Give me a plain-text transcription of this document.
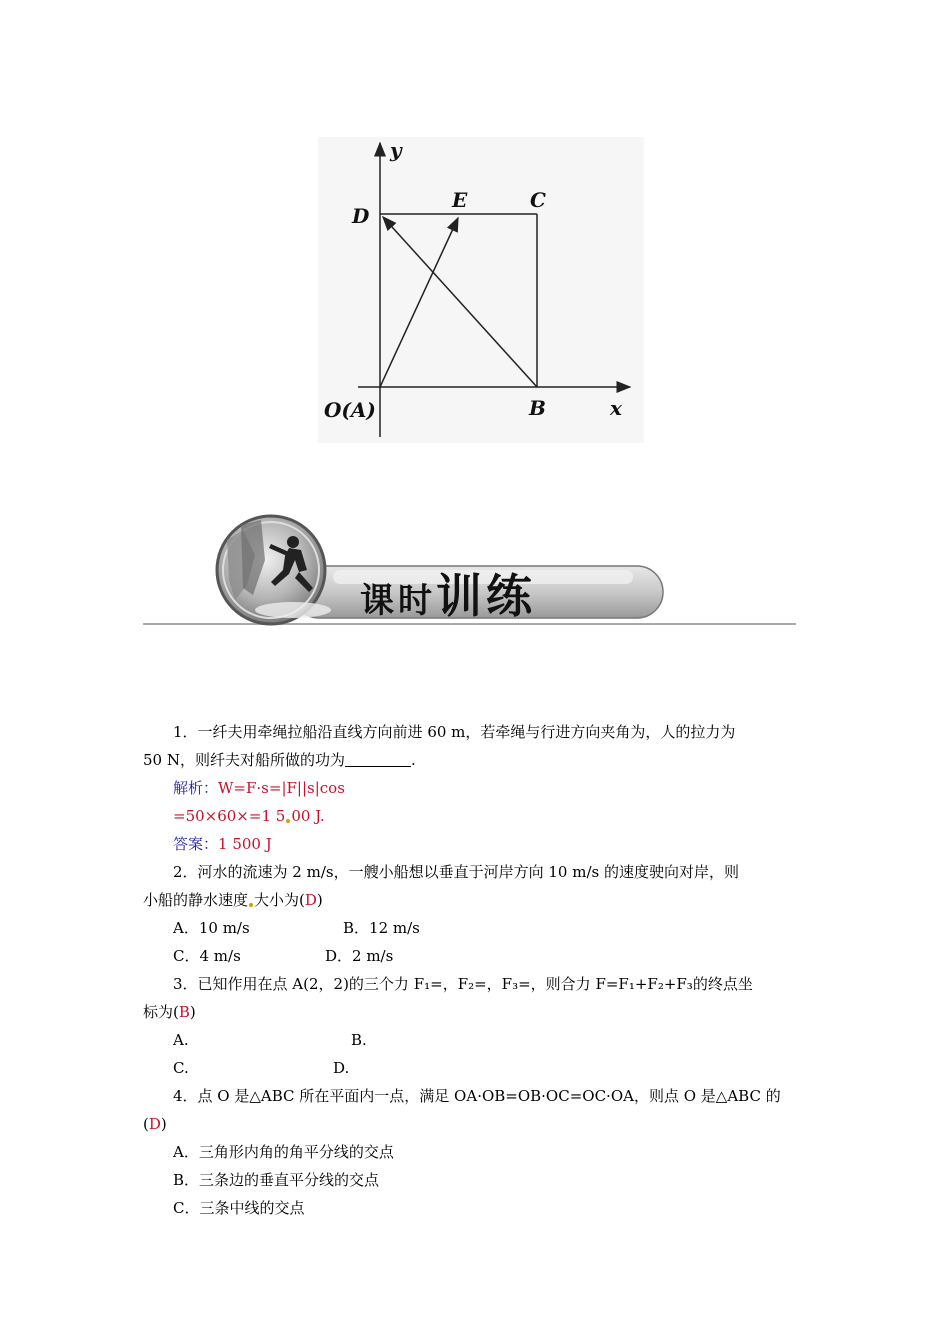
y
D
E	C
O(A)	B	x
课时训练

1．一纤夫用牵绳拉船沿直线方向前进 60 m，若牵绳与行进方向夹角为，人的拉力为

50 N，则纤夫对船所做的功为	.

解析：W=F·s=|F||s|cos

=50×60×=1 5 00 J.

答案：1 500 J

2．河水的流速为 2 m/s，一艘小船想以垂直于河岸方向 10 m/s 的速度驶向对岸，则

小船的静水速度 大小为(D)

A．10 m/s	B．12 m/s

C．4 m/s	D．2 m/s

3．已知作用在点 A(2，2)的三个力 F₁=，F₂=，F₃=，则合力 F=F₁+F₂+F₃的终点坐

标为(B)

A.	B.

C.	D.

4．点 O 是△ABC 所在平面内一点，满足 OA·OB=OB·OC=OC·OA，则点 O 是△ABC 的

(D)

A．三角形内角的角平分线的交点

B．三条边的垂直平分线的交点

C．三条中线的交点
